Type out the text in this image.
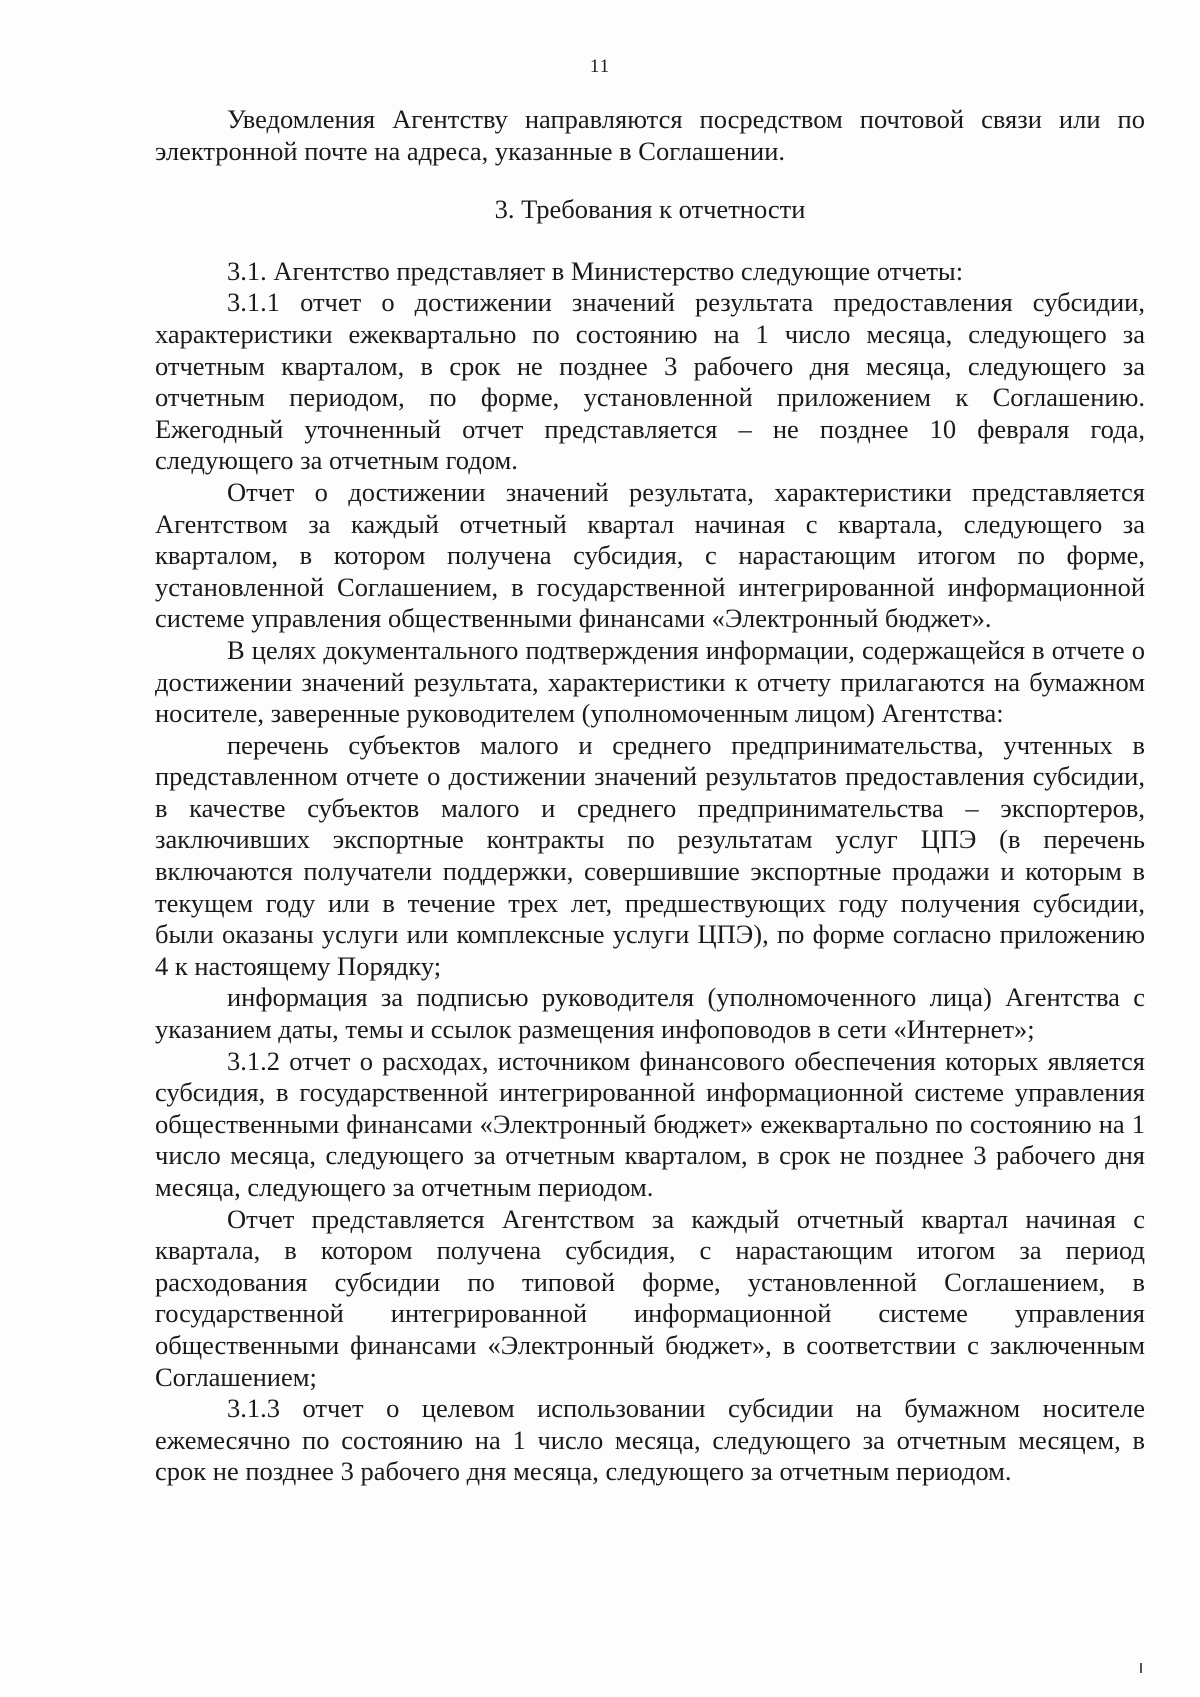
11

Уведомления Агентству направляются посредством почтовой связи или по электронной почте на адреса, указанные в Соглашении.

3. Требования к отчетности

3.1. Агентство представляет в Министерство следующие отчеты:

3.1.1 отчет о достижении значений результата предоставления субсидии, характеристики ежеквартально по состоянию на 1 число месяца, следующего за отчетным кварталом, в срок не позднее 3 рабочего дня месяца, следующего за отчетным периодом, по форме, установленной приложением к Соглашению. Ежегодный уточненный отчет представляется – не позднее 10 февраля года, следующего за отчетным годом.

Отчет о достижении значений результата, характеристики представляется Агентством за каждый отчетный квартал начиная с квартала, следующего за кварталом, в котором получена субсидия, с нарастающим итогом по форме, установленной Соглашением, в государственной интегрированной информационной системе управления общественными финансами «Электронный бюджет».

В целях документального подтверждения информации, содержащейся в отчете о достижении значений результата, характеристики к отчету прилагаются на бумажном носителе, заверенные руководителем (уполномоченным лицом) Агентства:

перечень субъектов малого и среднего предпринимательства, учтенных в представленном отчете о достижении значений результатов предоставления субсидии, в качестве субъектов малого и среднего предпринимательства – экспортеров, заключивших экспортные контракты по результатам услуг ЦПЭ (в перечень включаются получатели поддержки, совершившие экспортные продажи и которым в текущем году или в течение трех лет, предшествующих году получения субсидии, были оказаны услуги или комплексные услуги ЦПЭ), по форме согласно приложению 4 к настоящему Порядку;

информация за подписью руководителя (уполномоченного лица) Агентства с указанием даты, темы и ссылок размещения инфоповодов в сети «Интернет»;

3.1.2 отчет о расходах, источником финансового обеспечения которых является субсидия, в государственной интегрированной информационной системе управления общественными финансами «Электронный бюджет» ежеквартально по состоянию на 1 число месяца, следующего за отчетным кварталом, в срок не позднее 3 рабочего дня месяца, следующего за отчетным периодом.

Отчет представляется Агентством за каждый отчетный квартал начиная с квартала, в котором получена субсидия, с нарастающим итогом за период расходования субсидии по типовой форме, установленной Соглашением, в государственной интегрированной информационной системе управления общественными финансами «Электронный бюджет», в соответствии с заключенным Соглашением;

3.1.3 отчет о целевом использовании субсидии на бумажном носителе ежемесячно по состоянию на 1 число месяца, следующего за отчетным месяцем, в срок не позднее 3 рабочего дня месяца, следующего за отчетным периодом.
